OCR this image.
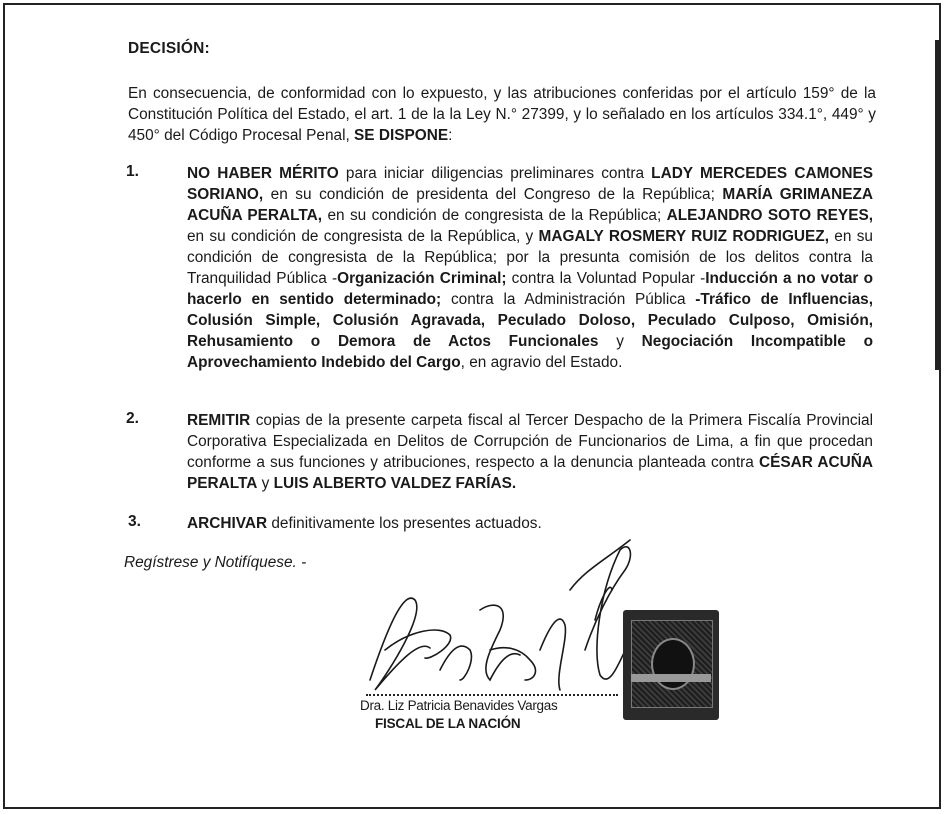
DECISIÓN:
En consecuencia, de conformidad con lo expuesto, y las atribuciones conferidas por el artículo 159° de la Constitución Política del Estado, el art. 1 de la la Ley N.° 27399, y lo señalado en los artículos 334.1°, 449° y 450° del Código Procesal Penal, SE DISPONE:
1.	NO HABER MÉRITO para iniciar diligencias preliminares contra LADY MERCEDES CAMONES SORIANO, en su condición de presidenta del Congreso de la República; MARÍA GRIMANEZA ACUÑA PERALTA, en su condición de congresista de la República; ALEJANDRO SOTO REYES, en su condición de congresista de la República, y MAGALY ROSMERY RUIZ RODRIGUEZ, en su condición de congresista de la República; por la presunta comisión de los delitos contra la Tranquilidad Pública -Organización Criminal; contra la Voluntad Popular -Inducción a no votar o hacerlo en sentido determinado; contra la Administración Pública -Tráfico de Influencias, Colusión Simple, Colusión Agravada, Peculado Doloso, Peculado Culposo, Omisión, Rehusamiento o Demora de Actos Funcionales y Negociación Incompatible o Aprovechamiento Indebido del Cargo, en agravio del Estado.
2.	REMITIR copias de la presente carpeta fiscal al Tercer Despacho de la Primera Fiscalía Provincial Corporativa Especializada en Delitos de Corrupción de Funcionarios de Lima, a fin que procedan conforme a sus funciones y atribuciones, respecto a la denuncia planteada contra CÉSAR ACUÑA PERALTA y LUIS ALBERTO VALDEZ FARÍAS.
3.	ARCHIVAR definitivamente los presentes actuados.
Regístrese y Notifíquese. -
Dra. Liz Patricia Benavides Vargas
FISCAL DE LA NACIÓN
